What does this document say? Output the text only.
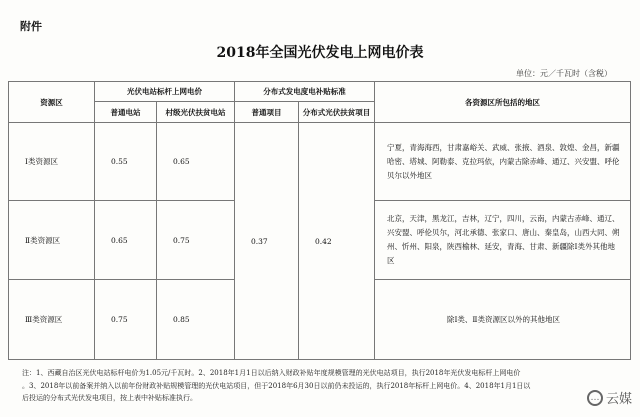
附件
2018年全国光伏发电上网电价表
单位：元／千瓦时（含税）
资源区	光伏电站标杆上网电价		分布式发电度电补贴标准		各资源区所包括的地区
	普通电站	村级光伏扶贫电站	普通项目	分布式光伏扶贫项目	
Ⅰ类资源区	0.55	0.65	0.37	0.42	宁夏，青海海西，甘肃嘉峪关、武威、张掖、酒泉、敦煌、金昌，新疆哈密、塔城、阿勒泰、克拉玛依，内蒙古除赤峰、通辽、兴安盟、呼伦贝尔以外地区
Ⅱ类资源区	0.65	0.75			北京，天津，黑龙江，吉林，辽宁，四川，云南，内蒙古赤峰、通辽、兴安盟、呼伦贝尔，河北承德、张家口、唐山、秦皇岛，山西大同、朔州、忻州、阳泉，陕西榆林、延安，青海、甘肃、新疆除Ⅰ类外其他地区
Ⅲ类资源区	0.75	0.85			除Ⅰ类、Ⅱ类资源区以外的其他地区
注：1、西藏自治区光伏电站标杆电价为1.05元/千瓦时。2、2018年1月1日以后纳入财政补贴年度规模管理的光伏电站项目，执行2018年光伏发电标杆上网电价
。3、2018年以前备案并纳入以前年份财政补贴规模管理的光伏电站项目，但于2018年6月30日以前仍未投运的，执行2018年标杆上网电价。4、2018年1月1日以
后投运的分布式光伏发电项目，按上表中补贴标准执行。	… 云媒
